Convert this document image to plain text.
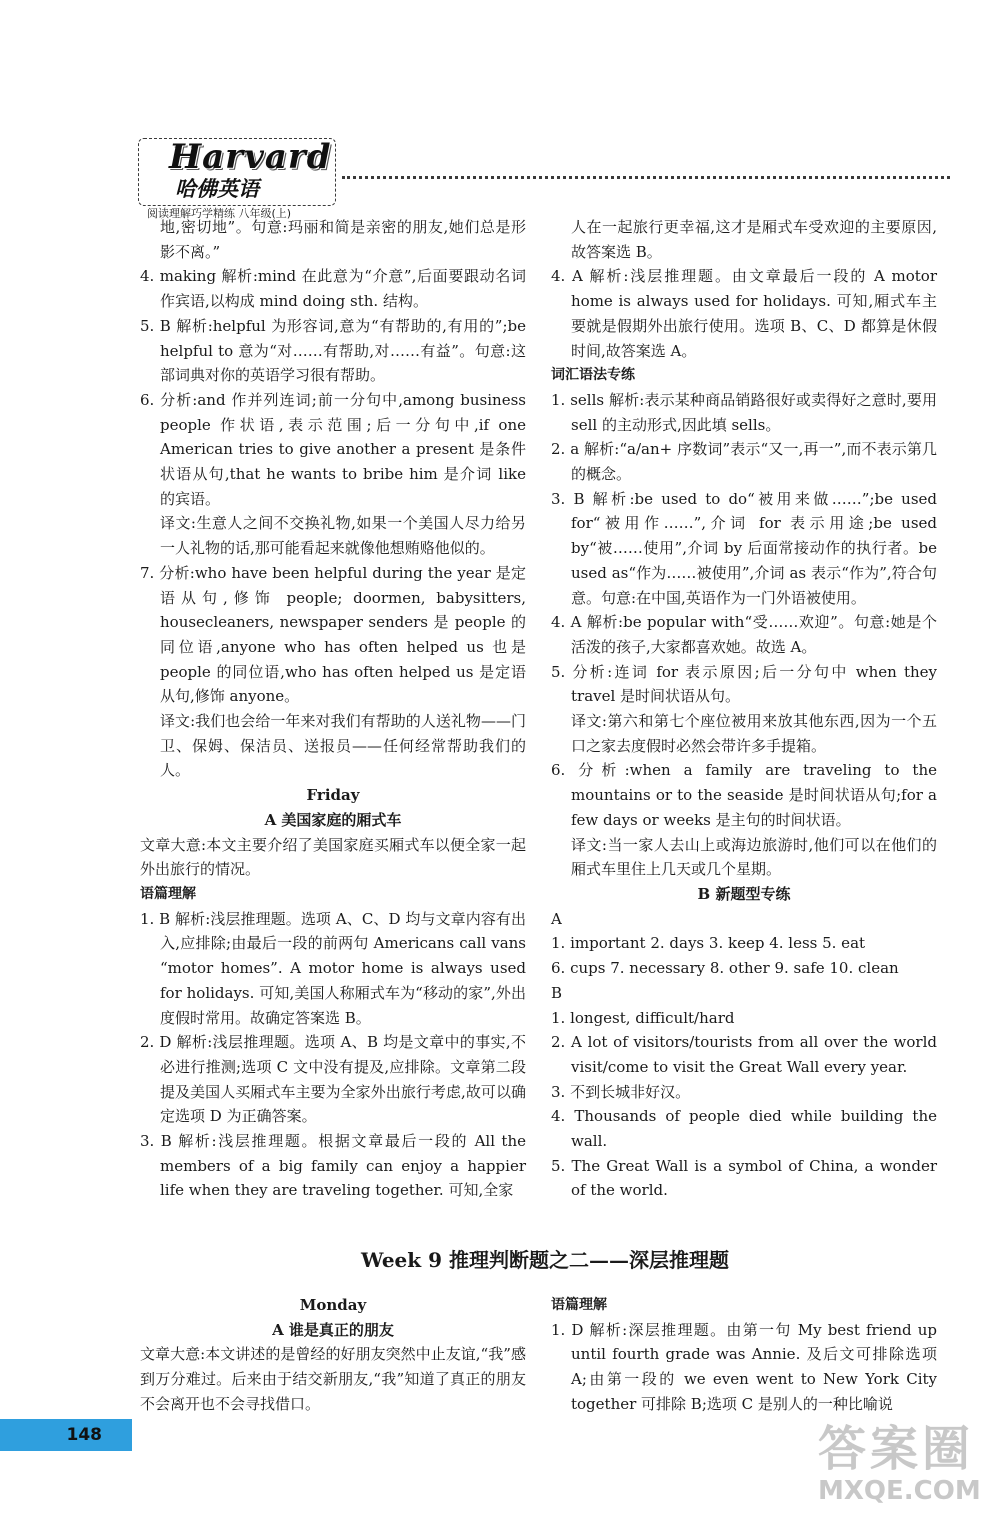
Harvard
哈佛英语
阅读理解巧学精练 八年级(上)

地,密切地”。句意:玛丽和简是亲密的朋友,她们总是形影不离。”

4. making 解析:mind 在此意为“介意”,后面要跟动名词作宾语,以构成 mind doing sth. 结构。

5. B 解析:helpful 为形容词,意为“有帮助的,有用的”;be helpful to 意为“对……有帮助,对……有益”。句意:这部词典对你的英语学习很有帮助。

6. 分析:and 作并列连词;前一分句中,among business people 作状语,表示范围;后一分句中,if one American tries to give another a present 是条件状语从句,that he wants to bribe him 是介词 like 的宾语。

译文:生意人之间不交换礼物,如果一个美国人尽力给另一人礼物的话,那可能看起来就像他想贿赂他似的。

7. 分析:who have been helpful during the year 是定语从句,修饰 people; doormen, babysitters, housecleaners, newspaper senders 是 people 的同位语,anyone who has often helped us 也是 people 的同位语,who has often helped us 是定语从句,修饰 anyone。

译文:我们也会给一年来对我们有帮助的人送礼物——门卫、保姆、保洁员、送报员——任何经常帮助我们的人。

Friday

A 美国家庭的厢式车

文章大意:本文主要介绍了美国家庭买厢式车以便全家一起外出旅行的情况。

语篇理解

1. B 解析:浅层推理题。选项 A、C、D 均与文章内容有出入,应排除;由最后一段的前两句 Americans call vans “motor homes”. A motor home is always used for holidays. 可知,美国人称厢式车为“移动的家”,外出度假时常用。故确定答案选 B。

2. D 解析:浅层推理题。选项 A、B 均是文章中的事实,不必进行推测;选项 C 文中没有提及,应排除。文章第二段提及美国人买厢式车主要为全家外出旅行考虑,故可以确定选项 D 为正确答案。

3. B 解析:浅层推理题。根据文章最后一段的 All the members of a big family can enjoy a happier life when they are traveling together. 可知,全家

人在一起旅行更幸福,这才是厢式车受欢迎的主要原因,故答案选 B。

4. A 解析:浅层推理题。由文章最后一段的 A motor home is always used for holidays. 可知,厢式车主要就是假期外出旅行使用。选项 B、C、D 都算是休假时间,故答案选 A。

词汇语法专练

1. sells 解析:表示某种商品销路很好或卖得好之意时,要用 sell 的主动形式,因此填 sells。

2. a 解析:“a/an+ 序数词”表示“又一,再一”,而不表示第几的概念。

3. B 解析:be used to do“被用来做……”;be used for“被用作……”,介词 for 表示用途;be used by“被……使用”,介词 by 后面常接动作的执行者。be used as“作为……被使用”,介词 as 表示“作为”,符合句意。句意:在中国,英语作为一门外语被使用。

4. A 解析:be popular with“受……欢迎”。句意:她是个活泼的孩子,大家都喜欢她。故选 A。

5. 分析:连词 for 表示原因;后一分句中 when they travel 是时间状语从句。

译文:第六和第七个座位被用来放其他东西,因为一个五口之家去度假时必然会带许多手提箱。

6. 分析:when a family are traveling to the mountains or to the seaside 是时间状语从句;for a few days or weeks 是主句的时间状语。

译文:当一家人去山上或海边旅游时,他们可以在他们的厢式车里住上几天或几个星期。

B 新题型专练

A

1. important 2. days 3. keep 4. less 5. eat

6. cups 7. necessary 8. other 9. safe 10. clean

B

1. longest, difficult/hard

2. A lot of visitors/tourists from all over the world visit/come to visit the Great Wall every year.

3. 不到长城非好汉。

4. Thousands of people died while building the wall.

5. The Great Wall is a symbol of China, a wonder of the world.

Week 9 推理判断题之二——深层推理题

Monday

A 谁是真正的朋友

文章大意:本文讲述的是曾经的好朋友突然中止友谊,“我”感到万分难过。后来由于结交新朋友,“我”知道了真正的朋友不会离开也不会寻找借口。

语篇理解

1. D 解析:深层推理题。由第一句 My best friend up until fourth grade was Annie. 及后文可排除选项 A;由第一段的 we even went to New York City together 可排除 B;选项 C 是别人的一种比喻说

148	答案圈
MXQE.COM
